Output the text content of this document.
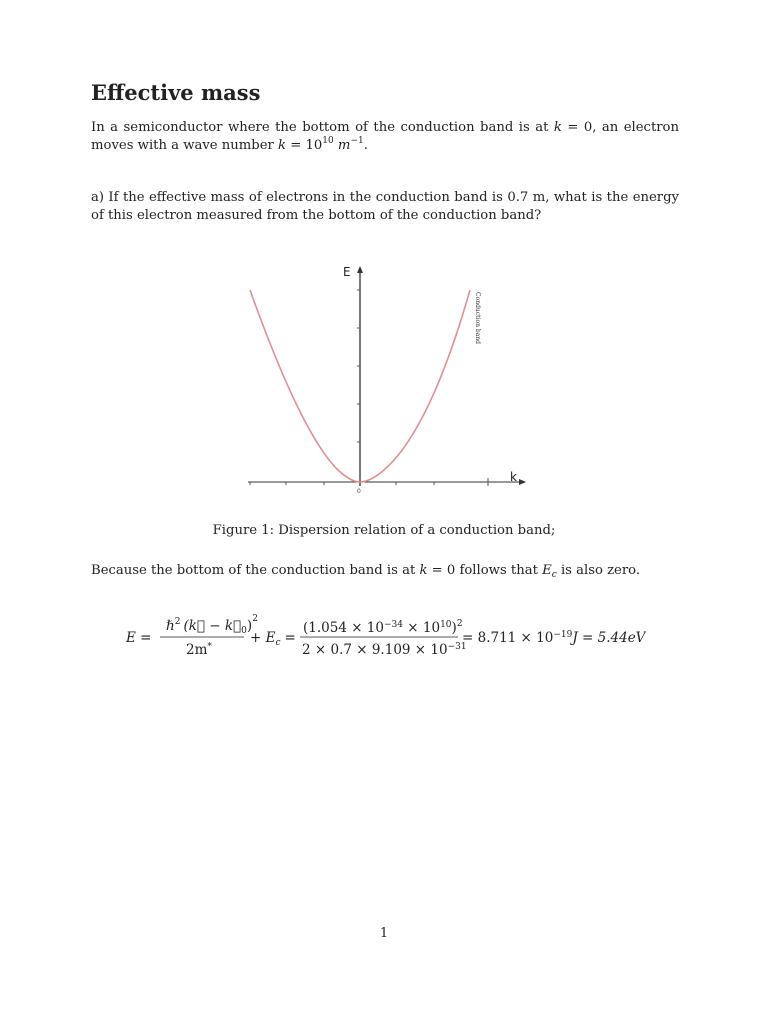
Effective mass

In a semiconductor where the bottom of the conduction band is at k = 0, an electron moves with a wave number $k = 10^{10}$ $m^{-1}$.

a) If the effective mass of electrons in the conduction band is 0.7 m, what is the energy of this electron measured from the bottom of the conduction band?

E
k
0
Conduction band

Figure 1: Dispersion relation of a conduction band;

Because the bottom of the conduction band is at k = 0 follows that $E_c$ is also zero.

E =
ℏ$^2$ (k⃗ − $k⃗_0)^2$
2m*
+ $E_c$ =
$(1.054 \times 10^{-34} \times 10^{10})^2$
$2 \times 0.7 \times 9.109 \times 10^{-31}$
= $8.711 \times 10^{-19}J = 5.44eV$

1
